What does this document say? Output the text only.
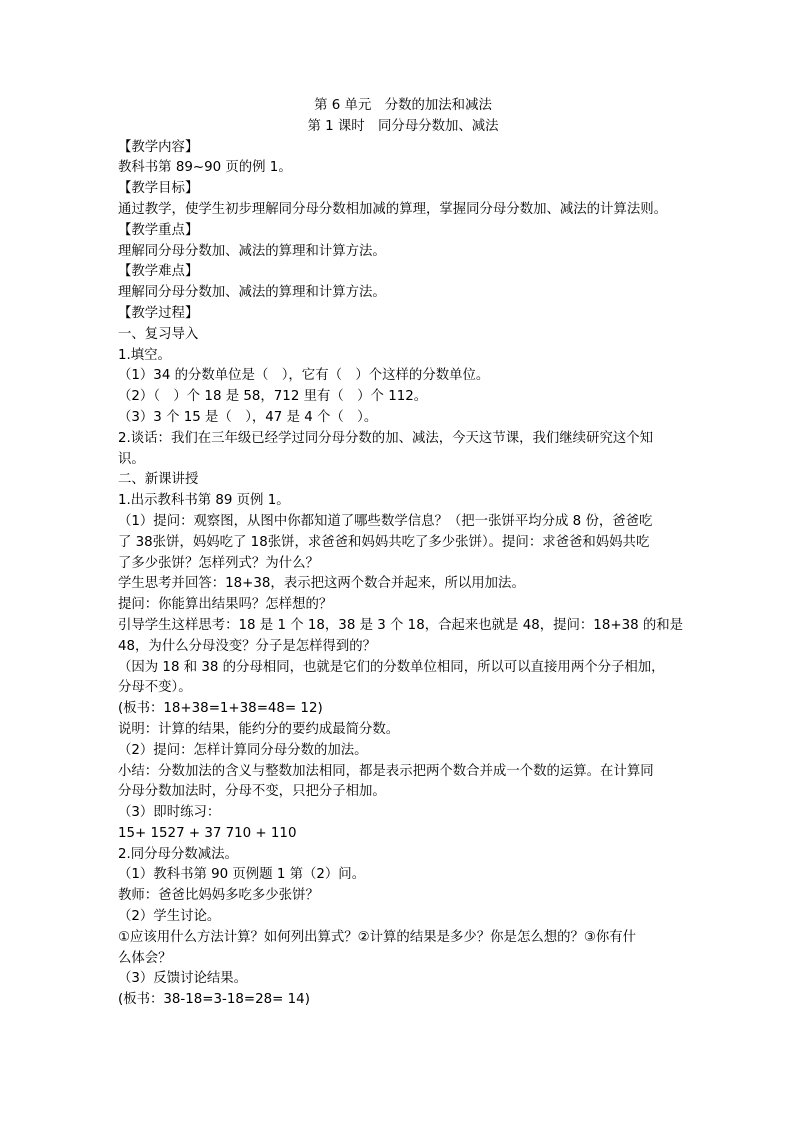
第 6 单元　分数的加法和减法

第 1 课时　同分母分数加、减法

【教学内容】

教科书第 89~90 页的例 1。

【教学目标】

通过教学，使学生初步理解同分母分数相加减的算理，掌握同分母分数加、减法的计算法则。

【教学重点】

理解同分母分数加、减法的算理和计算方法。

【教学难点】

理解同分母分数加、减法的算理和计算方法。

【教学过程】

一、复习导入

1.填空。

（1）34 的分数单位是（　），它有（　）个这样的分数单位。

（2）（　）个 18 是 58，712 里有（　）个 112。

（3）3 个 15 是（　），47 是 4 个（　）。

2.谈话：我们在三年级已经学过同分母分数的加、减法，今天这节课，我们继续研究这个知

识。

二、新课讲授

1.出示教科书第 89 页例 1。

（1）提问：观察图，从图中你都知道了哪些数学信息？（把一张饼平均分成 8 份，爸爸吃

了 38张饼，妈妈吃了 18张饼，求爸爸和妈妈共吃了多少张饼）。提问：求爸爸和妈妈共吃

了多少张饼？怎样列式？为什么？

学生思考并回答：18+38，表示把这两个数合并起来，所以用加法。

提问：你能算出结果吗？怎样想的？

引导学生这样思考：18 是 1 个 18，38 是 3 个 18，合起来也就是 48，提问：18+38 的和是

48，为什么分母没变？分子是怎样得到的？

（因为 18 和 38 的分母相同，也就是它们的分数单位相同，所以可以直接用两个分子相加，

分母不变）。

(板书：18+38=1+38=48= 12)

说明：计算的结果，能约分的要约成最简分数。

（2）提问：怎样计算同分母分数的加法。

小结：分数加法的含义与整数加法相同，都是表示把两个数合并成一个数的运算。在计算同

分母分数加法时，分母不变，只把分子相加。

（3）即时练习：

15+ 1527 + 37 710 + 110

2.同分母分数减法。

（1）教科书第 90 页例题 1 第（2）问。

教师：爸爸比妈妈多吃多少张饼？

（2）学生讨论。

①应该用什么方法计算？如何列出算式？②计算的结果是多少？你是怎么想的？③你有什

么体会？

（3）反馈讨论结果。

(板书：38-18=3-18=28= 14)
